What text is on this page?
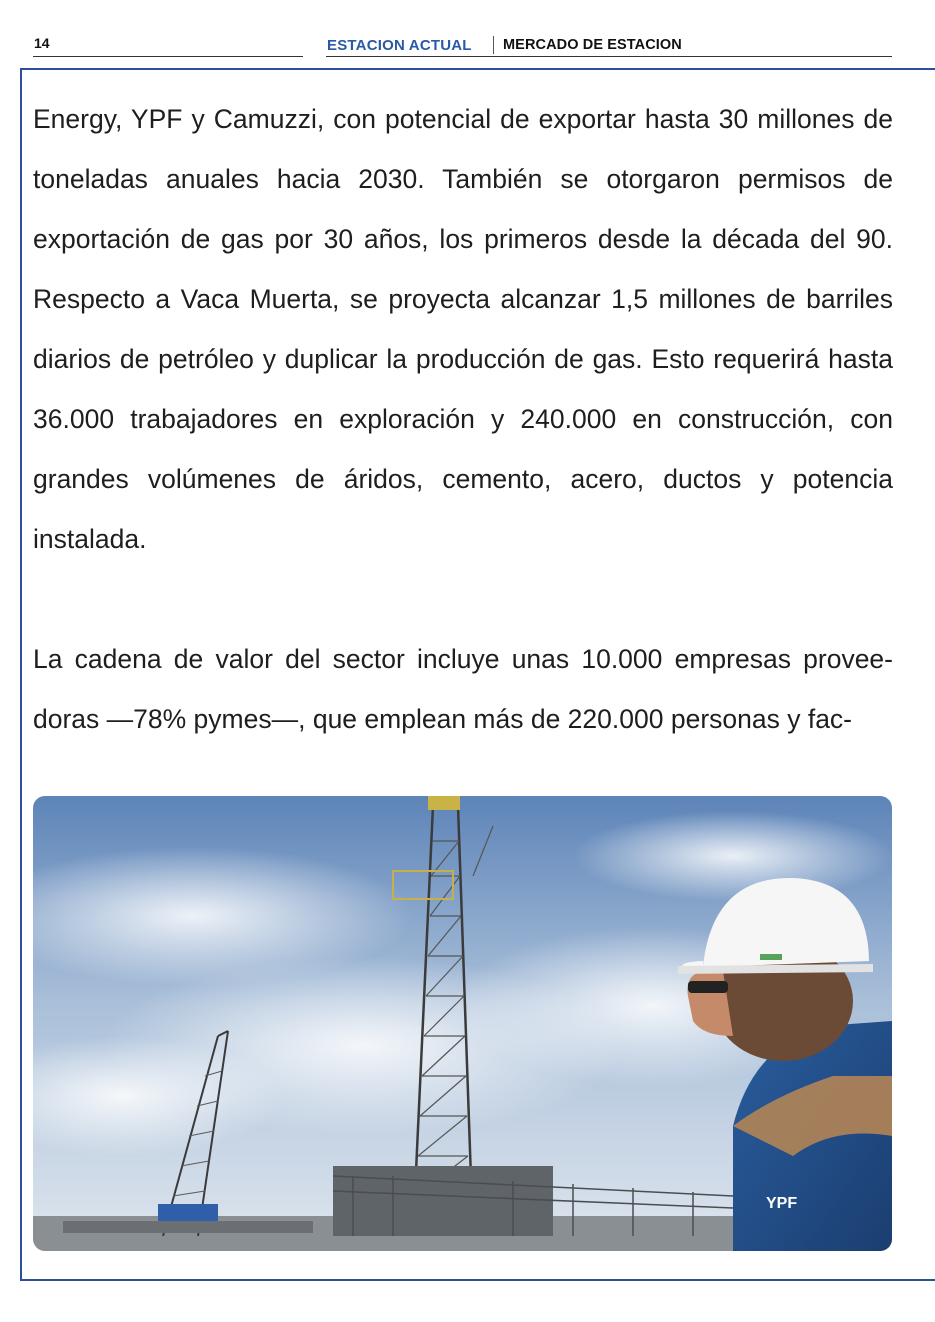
14	ESTACION ACTUAL MERCADO DE ESTACION

Energy, YPF y Camuzzi, con potencial de exportar hasta 30 millones de toneladas anuales hacia 2030. También se otorgaron permisos de exportación de gas por 30 años, los primeros desde la década del 90. Respecto a Vaca Muerta, se proyecta alcanzar 1,5 millones de barriles diarios de petróleo y duplicar la producción de gas. Esto requerirá hasta 36.000 trabajadores en exploración y 240.000 en construcción, con grandes volúmenes de áridos, cemento, acero, ductos y potencia instalada.

La cadena de valor del sector incluye unas 10.000 empresas proveedoras —78% pymes—, que emplean más de 220.000 personas y fac-

YPF
